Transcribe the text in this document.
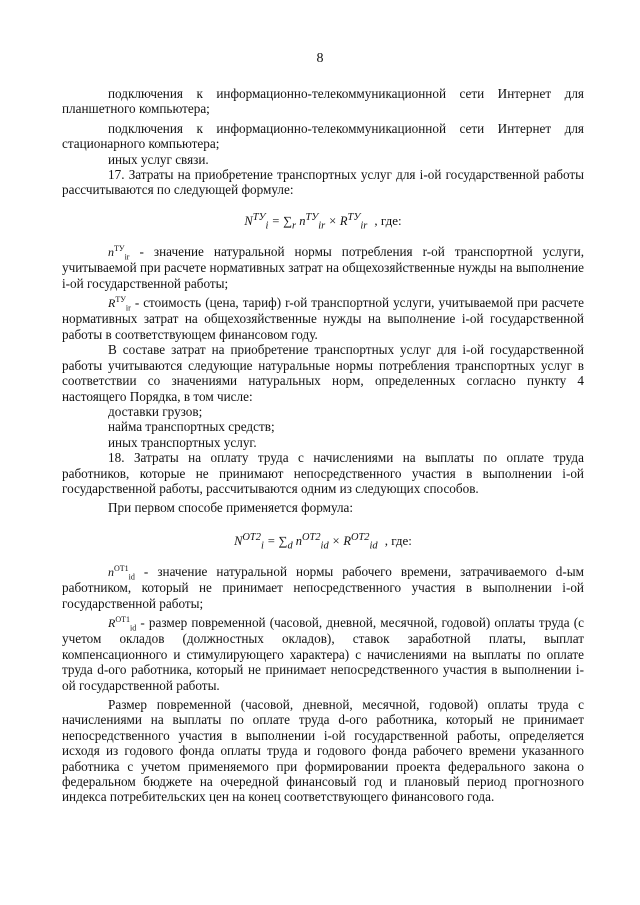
8

подключения к информационно-телекоммуникационной сети Интернет для планшетного компьютера;

подключения к информационно-телекоммуникационной сети Интернет для стационарного компьютера;

иных услуг связи.

17. Затраты на приобретение транспортных услуг для i-ой государственной работы рассчитываются по следующей формуле:

$N^{ТУ}_i = \sum_r$ $n^{ТУ}_{ir} \times R^{ТУ}_{ir}$ , где:

$n^{ТУ}_{ir}$ - значение натуральной нормы потребления r-ой транспортной услуги, учитываемой при расчете нормативных затрат на общехозяйственные нужды на выполнение i-ой государственной работы;

$R^{ТУ}_{ir}$ - стоимость (цена, тариф) r-ой транспортной услуги, учитываемой при расчете нормативных затрат на общехозяйственные нужды на выполнение i-ой государственной работы в соответствующем финансовом году.

В составе затрат на приобретение транспортных услуг для i-ой государственной работы учитываются следующие натуральные нормы потребления транспортных услуг в соответствии со значениями натуральных норм, определенных согласно пункту 4 настоящего Порядка, в том числе:

доставки грузов;

найма транспортных средств;

иных транспортных услуг.

18. Затраты на оплату труда с начислениями на выплаты по оплате труда работников, которые не принимают непосредственного участия в выполнении i-ой государственной работы, рассчитываются одним из следующих способов.

При первом способе применяется формула:

$N^{ОТ2}_i = \sum_d$ $n^{ОТ2}_{id} \times R^{ОТ2}_{id}$ , где:

$n^{ОТ1}_{id}$ - значение натуральной нормы рабочего времени, затрачиваемого d-ым работником, который не принимает непосредственного участия в выполнении i-ой государственной работы;

$R^{ОТ1}_{id}$ - размер повременной (часовой, дневной, месячной, годовой) оплаты труда (с учетом окладов (должностных окладов), ставок заработной платы, выплат компенсационного и стимулирующего характера) с начислениями на выплаты по оплате труда d-ого работника, который не принимает непосредственного участия в выполнении i-ой государственной работы.

Размер повременной (часовой, дневной, месячной, годовой) оплаты труда с начислениями на выплаты по оплате труда d-ого работника, который не принимает непосредственного участия в выполнении i-ой государственной работы, определяется исходя из годового фонда оплаты труда и годового фонда рабочего времени указанного работника с учетом применяемого при формировании проекта федерального закона о федеральном бюджете на очередной финансовый год и плановый период прогнозного индекса потребительских цен на конец соответствующего финансового года.
